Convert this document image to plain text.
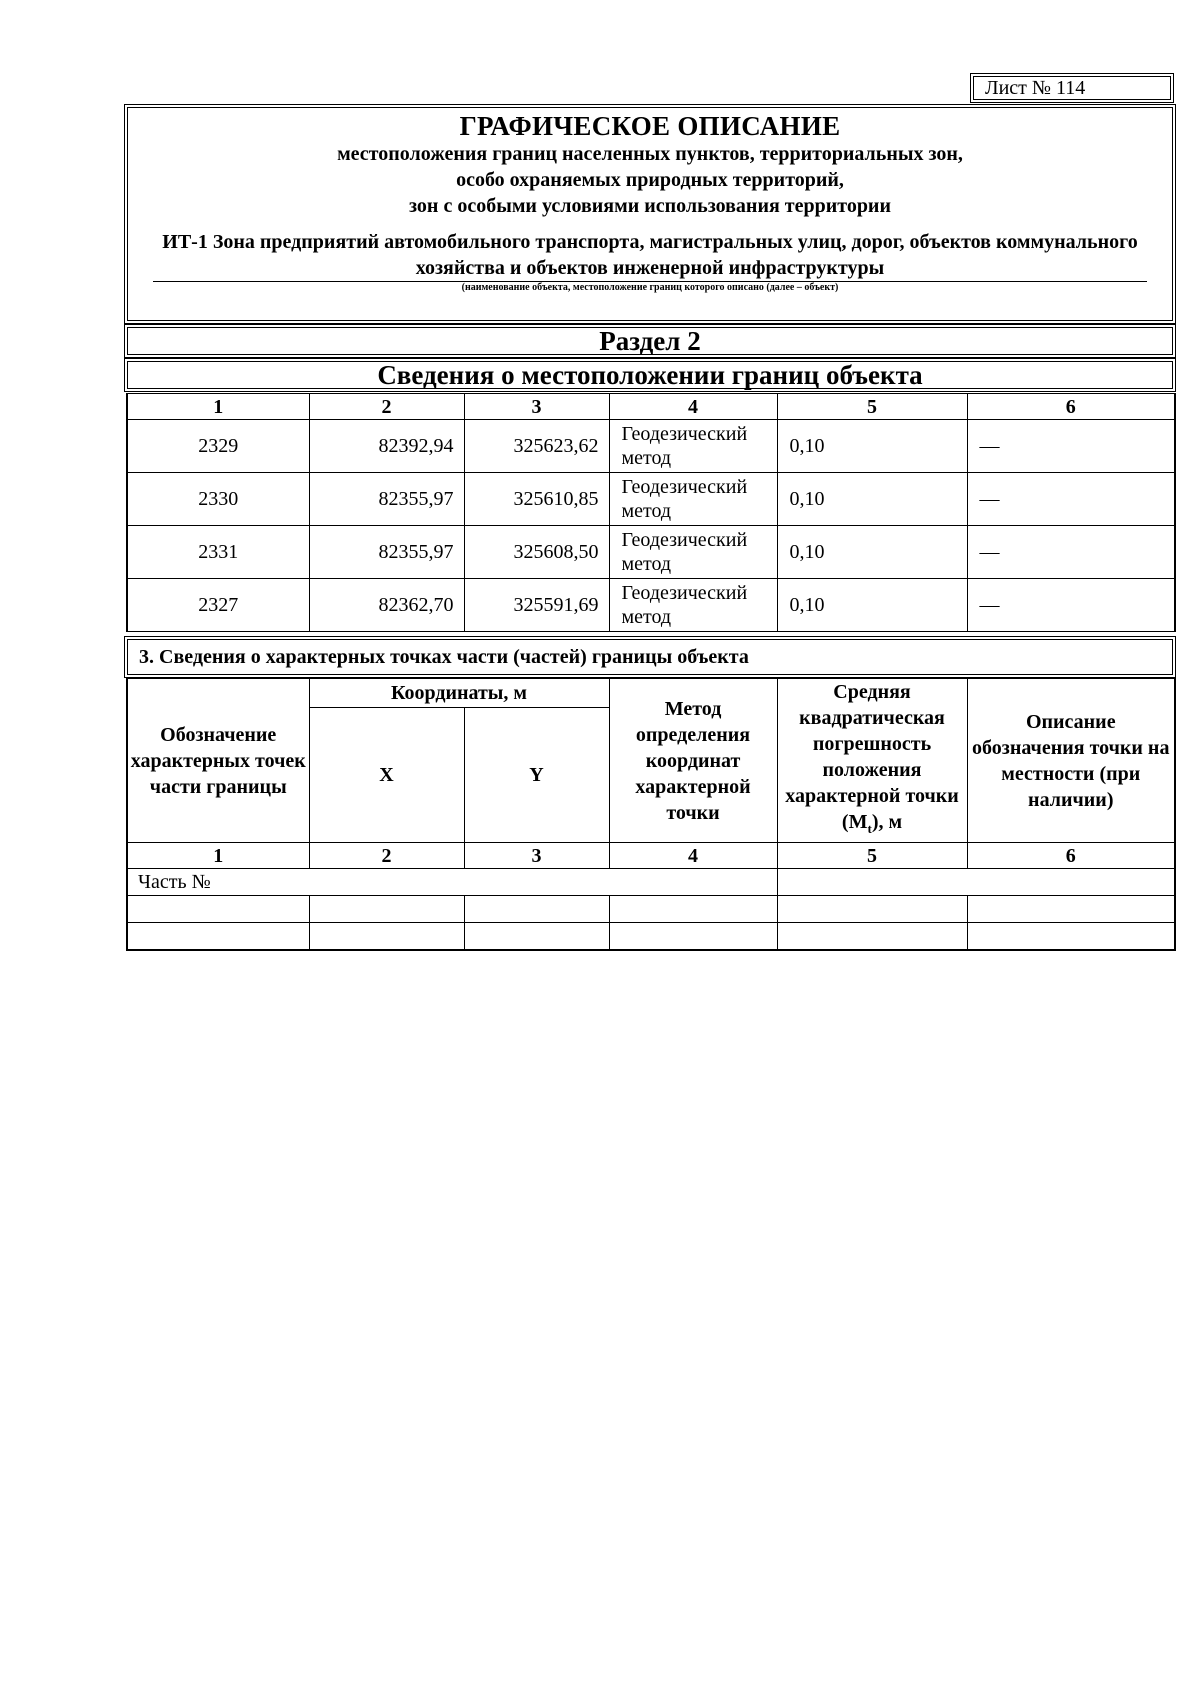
Лист № 114
ГРАФИЧЕСКОЕ ОПИСАНИЕ
местоположения границ населенных пунктов, территориальных зон,
особо охраняемых природных территорий,
зон с особыми условиями использования территории
ИТ-1 Зона предприятий автомобильного транспорта, магистральных улиц, дорог, объектов коммунального хозяйства и объектов инженерной инфраструктуры
(наименование объекта, местоположение границ которого описано (далее – объект)
Раздел 2
Сведения о местоположении границ объекта
1	2	3	4	5	6
2329	82392,94	325623,62	Геодезический метод	0,10	—
2330	82355,97	325610,85	Геодезический метод	0,10	—
2331	82355,97	325608,50	Геодезический метод	0,10	—
2327	82362,70	325591,69	Геодезический метод	0,10	—
3. Сведения о характерных точках части (частей) границы объекта
Обозначение характерных точек части границы	Координаты, м		Метод определения координат характерной точки	Средняя квадратическая погрешность положения характерной точки $(M_t)$, м	Описание обозначения точки на местности (при наличии)
	X	Y			
1	2	3	4	5	6
Часть №					
